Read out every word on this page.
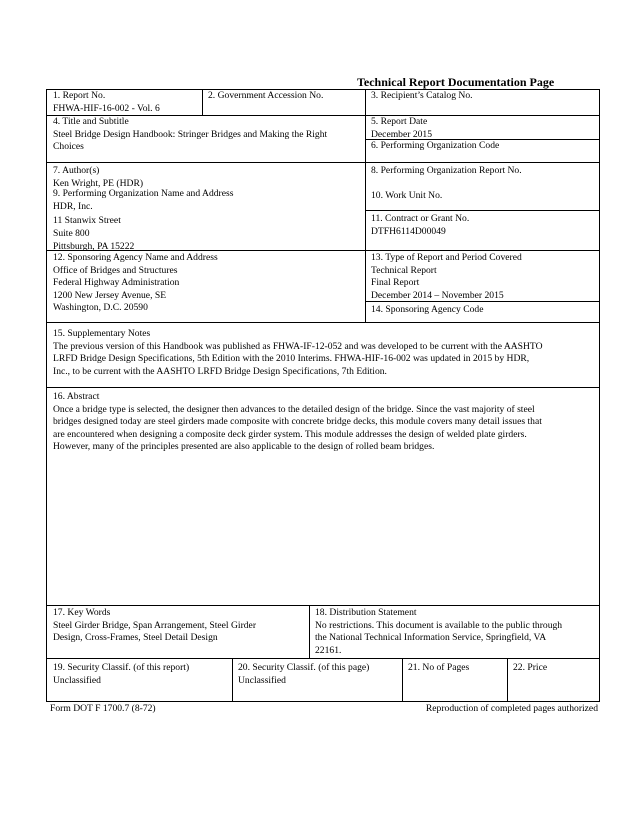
Technical Report Documentation Page
1. Report No.
FHWA-HIF-16-002 - Vol. 6
2. Government Accession No.	3. Recipient’s Catalog No.
4. Title and Subtitle
Steel Bridge Design Handbook: Stringer Bridges and Making the Right
Choices
5. Report Date
December 2015
6. Performing Organization Code
7. Author(s)
Ken Wright, PE (HDR)
8. Performing Organization Report No.
9. Performing Organization Name and Address
HDR, Inc.
11 Stanwix Street
Suite 800
Pittsburgh, PA 15222
10. Work Unit No.
11. Contract or Grant No.
DTFH6114D00049
12. Sponsoring Agency Name and Address
Office of Bridges and Structures
Federal Highway Administration
1200 New Jersey Avenue, SE
Washington, D.C. 20590
13. Type of Report and Period Covered
Technical Report
Final Report
December 2014 – November 2015
14. Sponsoring Agency Code
15. Supplementary Notes
The previous version of this Handbook was published as FHWA-IF-12-052 and was developed to be current with the AASHTO
LRFD Bridge Design Specifications, 5th Edition with the 2010 Interims. FHWA-HIF-16-002 was updated in 2015 by HDR,
Inc., to be current with the AASHTO LRFD Bridge Design Specifications, 7th Edition.
16. Abstract
Once a bridge type is selected, the designer then advances to the detailed design of the bridge. Since the vast majority of steel
bridges designed today are steel girders made composite with concrete bridge decks, this module covers many detail issues that
are encountered when designing a composite deck girder system. This module addresses the design of welded plate girders.
However, many of the principles presented are also applicable to the design of rolled beam bridges.
17. Key Words
Steel Girder Bridge, Span Arrangement, Steel Girder
Design, Cross-Frames, Steel Detail Design
18. Distribution Statement
No restrictions. This document is available to the public through
the National Technical Information Service, Springfield, VA
22161.
19. Security Classif. (of this report)
Unclassified
20. Security Classif. (of this page)
Unclassified
21. No of Pages	22. Price
Form DOT F 1700.7 (8-72)	Reproduction of completed pages authorized
